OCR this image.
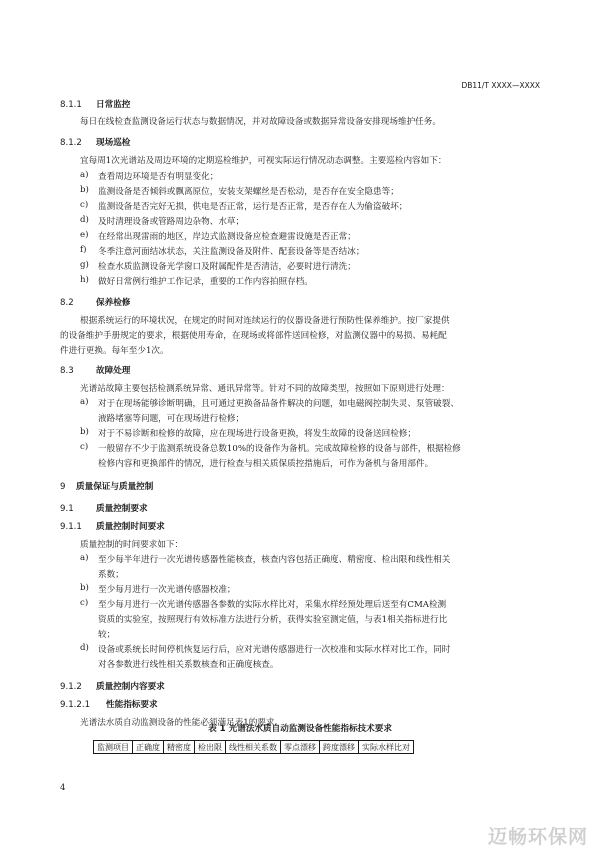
DB11/T XXXX—XXXX
8.1.1 日常监控
每日在线检查监测设备运行状态与数据情况，并对故障设备或数据异常设备安排现场维护任务。
8.1.2 现场巡检
宜每周1次光谱站及周边环境的定期巡检维护，可视实际运行情况动态调整。主要巡检内容如下：
a) 查看周边环境是否有明显变化；
b) 监测设备是否倾斜或飘离原位，安装支架螺丝是否松动，是否存在安全隐患等；
c) 监测设备是否完好无损，供电是否正常，运行是否正常，是否存在人为偷盗破坏；
d) 及时清理设备或管路周边杂物、水草；
e) 在经常出现雷雨的地区，岸边式监测设备应检查避雷设施是否正常；
f) 冬季注意河面结冰状态，关注监测设备及附件、配套设备等是否结冰；
g) 检查水质监测设备光学窗口及附属配件是否清洁，必要时进行清洗；
h) 做好日常例行维护工作记录，重要的工作内容拍照存档。
8.2	保养检修
根据系统运行的环境状况，在规定的时间对连续运行的仪器设备进行预防性保养维护。按厂家提供
的设备维护手册规定的要求，根据使用寿命，在现场或将部件送回检修，对监测仪器中的易损、易耗配
件进行更换。每年至少1次。
8.3	故障处理
光谱站故障主要包括检测系统异常、通讯异常等。针对不同的故障类型，按照如下原则进行处理：
a) 对于在现场能够诊断明确，且可通过更换备品备件解决的问题，如电磁阀控制失灵、泵管破裂、
液路堵塞等问题，可在现场进行检修；
b) 对于不易诊断和检修的故障，应在现场进行设备更换，将发生故障的设备送回检修；
c) 一般留存不少于监测系统设备总数10%的设备作为备机。完成故障检修的设备与部件，根据检修
检修内容和更换部件的情况，进行检查与相关质保质控措施后，可作为备机与备用部件。
9 质量保证与质量控制
9.1	质量控制要求
9.1.1 质量控制时间要求
质量控制的时间要求如下：
a) 至少每半年进行一次光谱传感器性能核查，核查内容包括正确度、精密度、检出限和线性相关
系数；
b) 至少每月进行一次光谱传感器校准；
c) 至少每月进行一次光谱传感器各参数的实际水样比对，采集水样经预处理后送至有CMA检测
资质的实验室，按照现行有效标准方法进行分析，获得实验室测定值，与表1相关指标进行比
较；
d) 设备或系统长时间停机恢复运行后，应对光谱传感器进行一次校准和实际水样对比工作，同时
对各参数进行线性相关系数核查和正确度核查。
9.1.2 质量控制内容要求
9.1.2.1 性能指标要求
光谱法水质自动监测设备的性能必须满足表1的要求。
表 1 光谱法水质自动监测设备性能指标技术要求
监测项目	正确度	精密度	检出限	线性相关系数	零点漂移	跨度漂移	实际水样比对
4
迈畅环保网
